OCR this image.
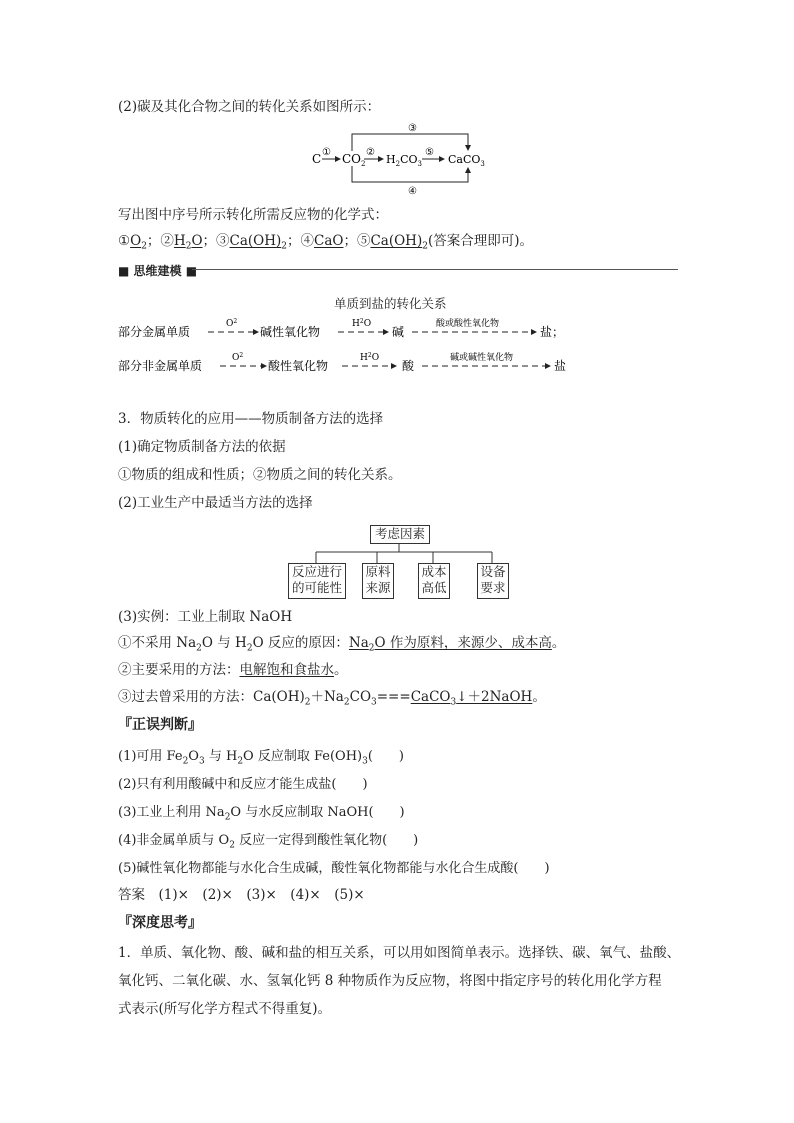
(2)碳及其化合物之间的转化关系如图所示：
C ① $CO_2$
②
$H_2CO_3$
⑤
CaCO$_3$
③
④
写出图中序号所示转化所需反应物的化学式：
$①O_2$；$②H_2O$；$③Ca(OH)_2$；④CaO；$⑤Ca(OH)_2$(答案合理即可)。
■ 思维建模 ■
单质到盐的转化关系
部分金属单质
$O^2$
碱性氧化物
$H^2O$
碱
酸或酸性氧化物
盐；
部分非金属单质
$O^2$
酸性氧化物
$H^2O$
酸
碱或碱性氧化物
盐
3．物质转化的应用——物质制备方法的选择
(1)确定物质制备方法的依据
①物质的组成和性质；②物质之间的转化关系。
(2)工业生产中最适当方法的选择
考虑因素
反应进行
的可能性
原料
来源
成本
高低
设备
要求
(3)实例：工业上制取 NaOH
①不采用 $Na_2O$ 与 $H_2O$ 反应的原因：$Na_2O$ 作为原料，来源少、成本高。
②主要采用的方法：电解饱和食盐水。
③过去曾采用的方法：$Ca(OH)_2+Na_2CO_3===CaCO_3↓+2NaOH$。
『正误判断』
(1)可用 $Fe_2O_3$ 与 $H_2O$ 反应制取 $Fe(OH)_3$(　　)
(2)只有利用酸碱中和反应才能生成盐(　　)
(3)工业上利用 $Na_2O$ 与水反应制取 NaOH(　　)
(4)非金属单质与 $O_2$ 反应一定得到酸性氧化物(　　)
(5)碱性氧化物都能与水化合生成碱，酸性氧化物都能与水化合生成酸(　　)
答案　(1)×　(2)×　(3)×　(4)×　(5)×
『深度思考』
1．单质、氧化物、酸、碱和盐的相互关系，可以用如图简单表示。选择铁、碳、氧气、盐酸、
氧化钙、二氧化碳、水、氢氧化钙 8 种物质作为反应物，将图中指定序号的转化用化学方程
式表示(所写化学方程式不得重复)。
